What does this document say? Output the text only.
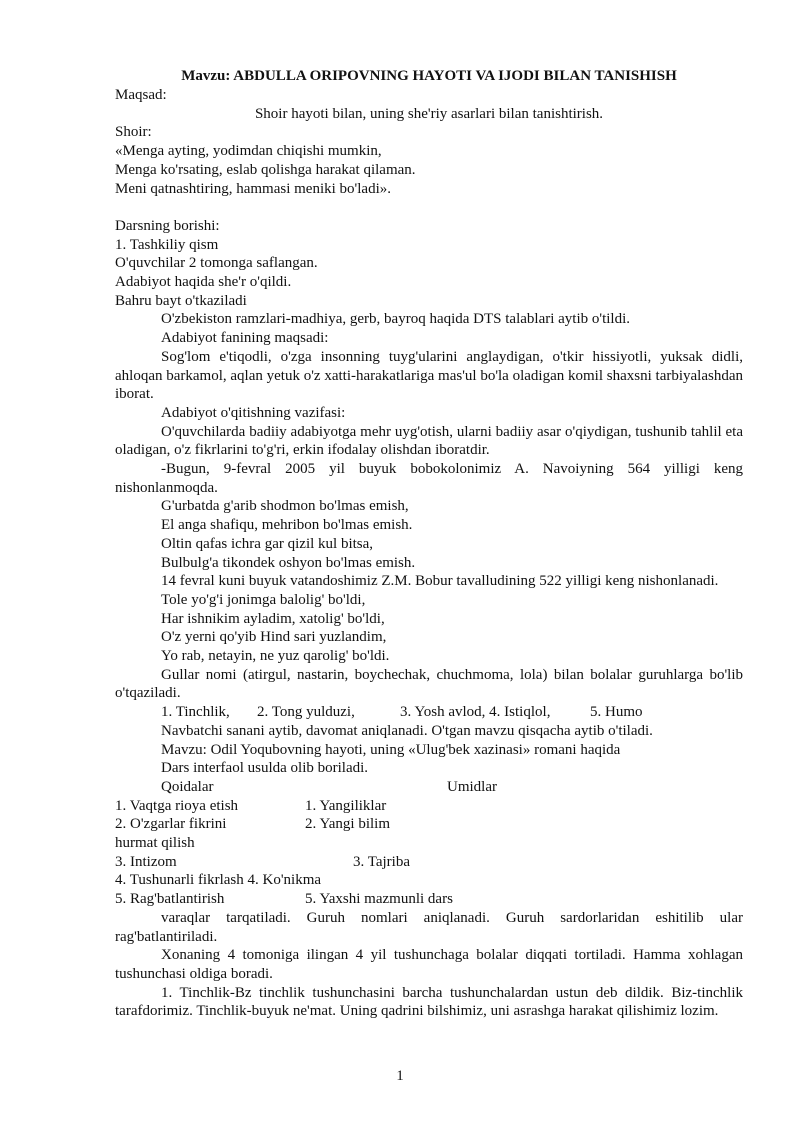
Mavzu: ABDULLA ORIPOVNING HAYOTI VA IJODI BILAN TANISHISH

Maqsad:

Shoir hayoti bilan, uning she'riy asarlari bilan tanishtirish.

Shoir:

«Menga ayting, yodimdan chiqishi mumkin,

Menga ko'rsating, eslab qolishga harakat qilaman.

Meni qatnashtiring, hammasi meniki bo'ladi».

Darsning borishi:

1. Tashkiliy qism

O'quvchilar 2 tomonga saflangan.

Adabiyot haqida she'r o'qildi.

Bahru bayt o'tkaziladi

O'zbekiston ramzlari-madhiya, gerb, bayroq haqida DTS talablari aytib o'tildi.

Adabiyot fanining maqsadi:

Sog'lom e'tiqodli, o'zga insonning tuyg'ularini anglaydigan, o'tkir hissiyotli, yuksak didli, ahloqan barkamol, aqlan yetuk o'z xatti-harakatlariga mas'ul bo'la oladigan komil shaxsni tarbiyalashdan iborat.

Adabiyot o'qitishning vazifasi:

O'quvchilarda badiiy adabiyotga mehr uyg'otish, ularni badiiy asar o'qiydigan, tushunib tahlil eta oladigan, o'z fikrlarini to'g'ri, erkin ifodalay olishdan iboratdir.

-Bugun, 9-fevral 2005 yil buyuk bobokolonimiz A. Navoiyning 564 yilligi keng nishonlanmoqda.

G'urbatda g'arib shodmon bo'lmas emish,

El anga shafiqu, mehribon bo'lmas emish.

Oltin qafas ichra gar qizil kul bitsa,

Bulbulg'a tikondek oshyon bo'lmas emish.

14 fevral kuni buyuk vatandoshimiz Z.M. Bobur tavalludining 522 yilligi keng nishonlanadi.

Tole yo'g'i jonimga balolig' bo'ldi,

Har ishnikim ayladim, xatolig' bo'ldi,

O'z yerni qo'yib Hind sari yuzlandim,

Yo rab, netayin, ne yuz qarolig' bo'ldi.

Gullar nomi (atirgul, nastarin, boychechak, chuchmoma, lola) bilan bolalar guruhlarga bo'lib o'tqaziladi.

1. Tinchlik, 2. Tong yulduzi,	3. Yosh avlod, 4. Istiqlol,	5. Humo

Navbatchi sanani aytib, davomat aniqlanadi. O'tgan mavzu qisqacha aytib o'tiladi.

Mavzu: Odil Yoqubovning hayoti, uning «Ulug'bek xazinasi» romani haqida

Dars interfaol usulda olib boriladi.

Qoidalar	Umidlar
1. Vaqtga rioya etish	1. Yangiliklar
2. O'zgarlar fikrini	2. Yangi bilim
hurmat qilish
3. Intizom	3. Tajriba
4. Tushunarli fikrlash 4. Ko'nikma
5. Rag'batlantirish	5. Yaxshi mazmunli dars

varaqlar tarqatiladi. Guruh nomlari aniqlanadi. Guruh sardorlaridan eshitilib ular rag'batlantiriladi.

Xonaning 4 tomoniga ilingan 4 yil tushunchaga bolalar diqqati tortiladi. Hamma xohlagan tushunchasi oldiga boradi.

1. Tinchlik-Bz tinchlik tushunchasini barcha tushunchalardan ustun deb dildik. Biz-tinchlik tarafdorimiz. Tinchlik-buyuk ne'mat. Uning qadrini bilshimiz, uni asrashga harakat qilishimiz lozim.

1
